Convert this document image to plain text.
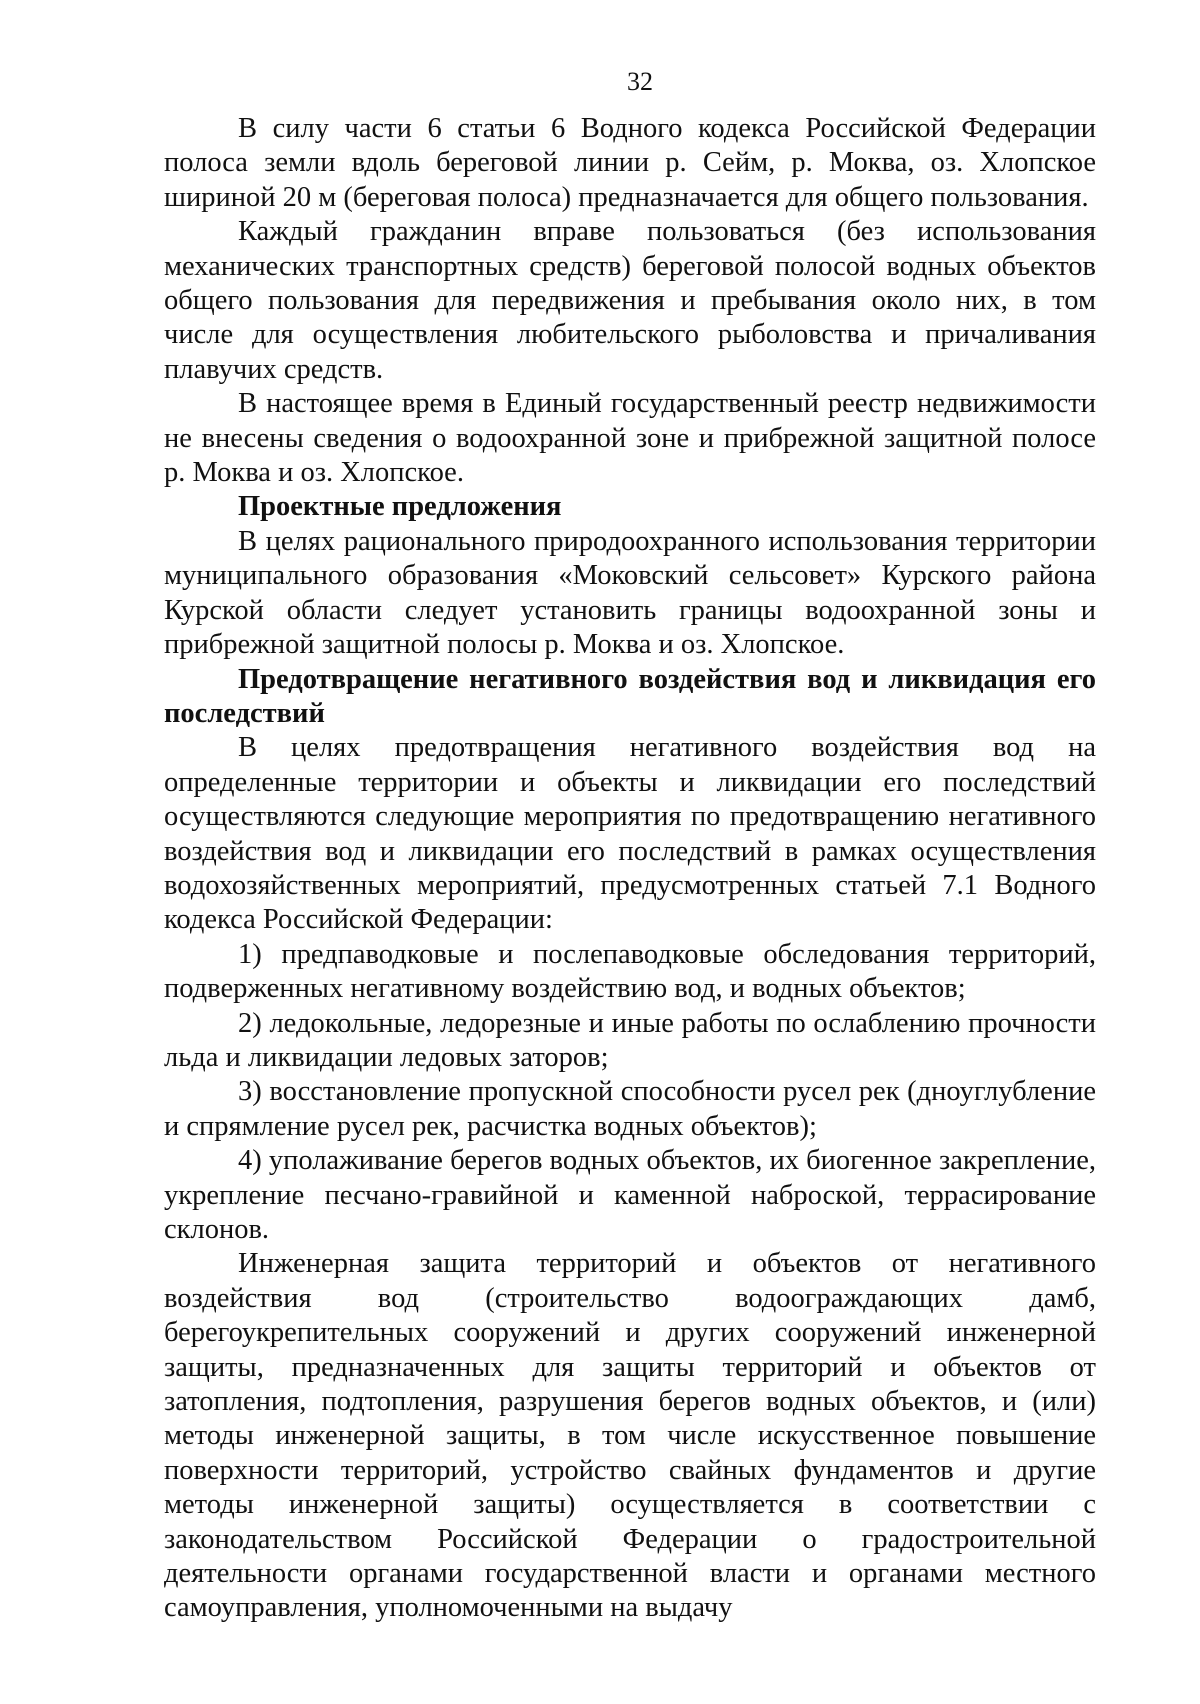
32

В силу части 6 статьи 6 Водного кодекса Российской Федерации полоса земли вдоль береговой линии р. Сейм, р. Моква, оз. Хлопское шириной 20 м (береговая полоса) предназначается для общего пользования.

Каждый гражданин вправе пользоваться (без использования механических транспортных средств) береговой полосой водных объектов общего пользования для передвижения и пребывания около них, в том числе для осуществления любительского рыболовства и причаливания плавучих средств.

В настоящее время в Единый государственный реестр недвижимости не внесены сведения о водоохранной зоне и прибрежной защитной полосе р. Моква и оз. Хлопское.

Проектные предложения

В целях рационального природоохранного использования территории муниципального образования «Моковский сельсовет» Курского района Курской области следует установить границы водоохранной зоны и прибрежной защитной полосы р. Моква и оз. Хлопское.

Предотвращение негативного воздействия вод и ликвидация его последствий

В целях предотвращения негативного воздействия вод на определенные территории и объекты и ликвидации его последствий осуществляются следующие мероприятия по предотвращению негативного воздействия вод и ликвидации его последствий в рамках осуществления водохозяйственных мероприятий, предусмотренных статьей 7.1 Водного кодекса Российской Федерации:

1) предпаводковые и послепаводковые обследования территорий, подверженных негативному воздействию вод, и водных объектов;

2) ледокольные, ледорезные и иные работы по ослаблению прочности льда и ликвидации ледовых заторов;

3) восстановление пропускной способности русел рек (дноуглубление и спрямление русел рек, расчистка водных объектов);

4) уполаживание берегов водных объектов, их биогенное закрепление, укрепление песчано-гравийной и каменной наброской, террасирование склонов.

Инженерная защита территорий и объектов от негативного воздействия вод (строительство водоограждающих дамб, берегоукрепительных сооружений и других сооружений инженерной защиты, предназначенных для защиты территорий и объектов от затопления, подтопления, разрушения берегов водных объектов, и (или) методы инженерной защиты, в том числе искусственное повышение поверхности территорий, устройство свайных фундаментов и другие методы инженерной защиты) осуществляется в соответствии с законодательством Российской Федерации о градостроительной деятельности органами государственной власти и органами местного самоуправления, уполномоченными на выдачу
